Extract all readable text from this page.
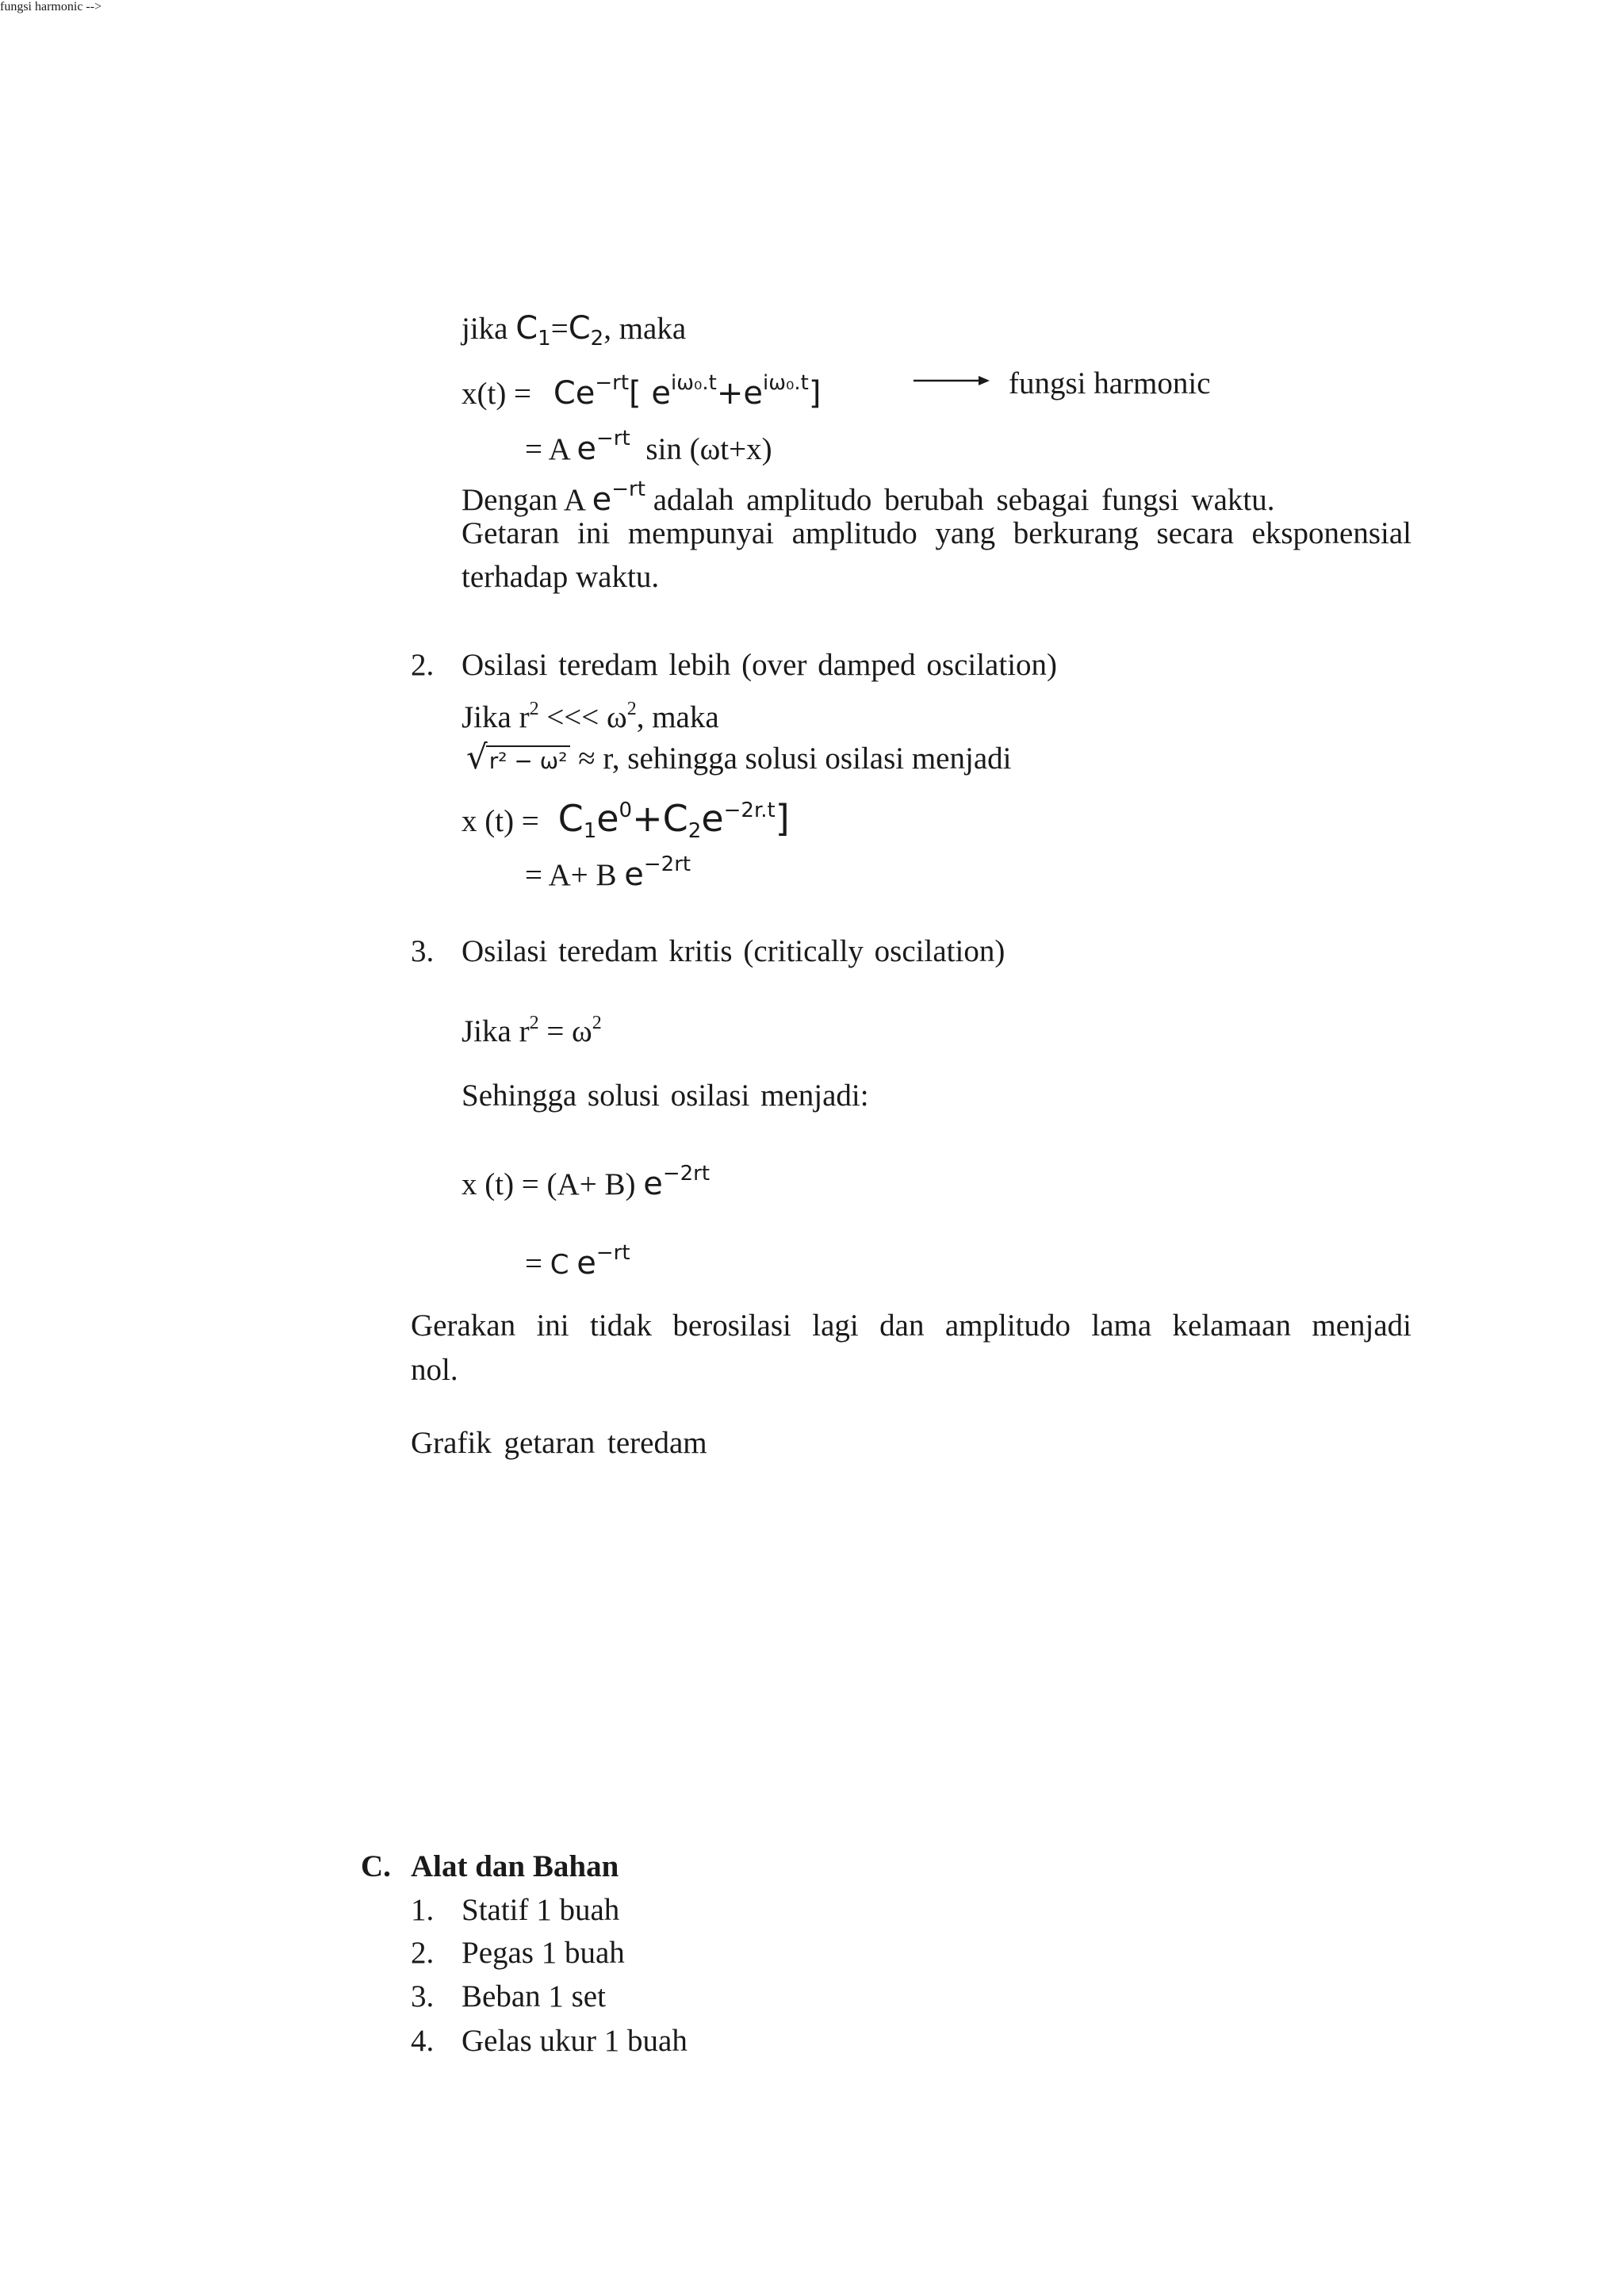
jika $C_1=C_2$, maka
fungsi harmonic -->
$x(t) = Ce^{-rt}$[ $e^{i\omega_0.t}+e^{i\omega_0.t}$]	fungsi harmonic
= A $e^{-rt}$ sin (ωt+x)
Dengan A $e^{-rt}$ adalah amplitudo berubah sebagai fungsi waktu.
Getaran ini mempunyai amplitudo yang berkurang secara eksponensial
terhadap waktu.
2. Osilasi teredam lebih (over damped oscilation)
Jika $r^2$ <<< $\omega^2$, maka
√r² − ω² ≈ r, sehingga solusi osilasi menjadi
x $(t) = C_1e^0+C_2e^{-2r.t}$]
= A+ B $e^{-2rt}$
3. Osilasi teredam kritis (critically oscilation)
Jika $r^2 = \omega^2$
Sehingga solusi osilasi menjadi:
x (t) = (A+ B) $e^{-2rt}$
= C $e^{-rt}$
Gerakan ini tidak berosilasi lagi dan amplitudo lama kelamaan menjadi
nol.
Grafik getaran teredam
C. Alat dan Bahan
1. Statif 1 buah
2. Pegas 1 buah
3. Beban 1 set
4. Gelas ukur 1 buah
